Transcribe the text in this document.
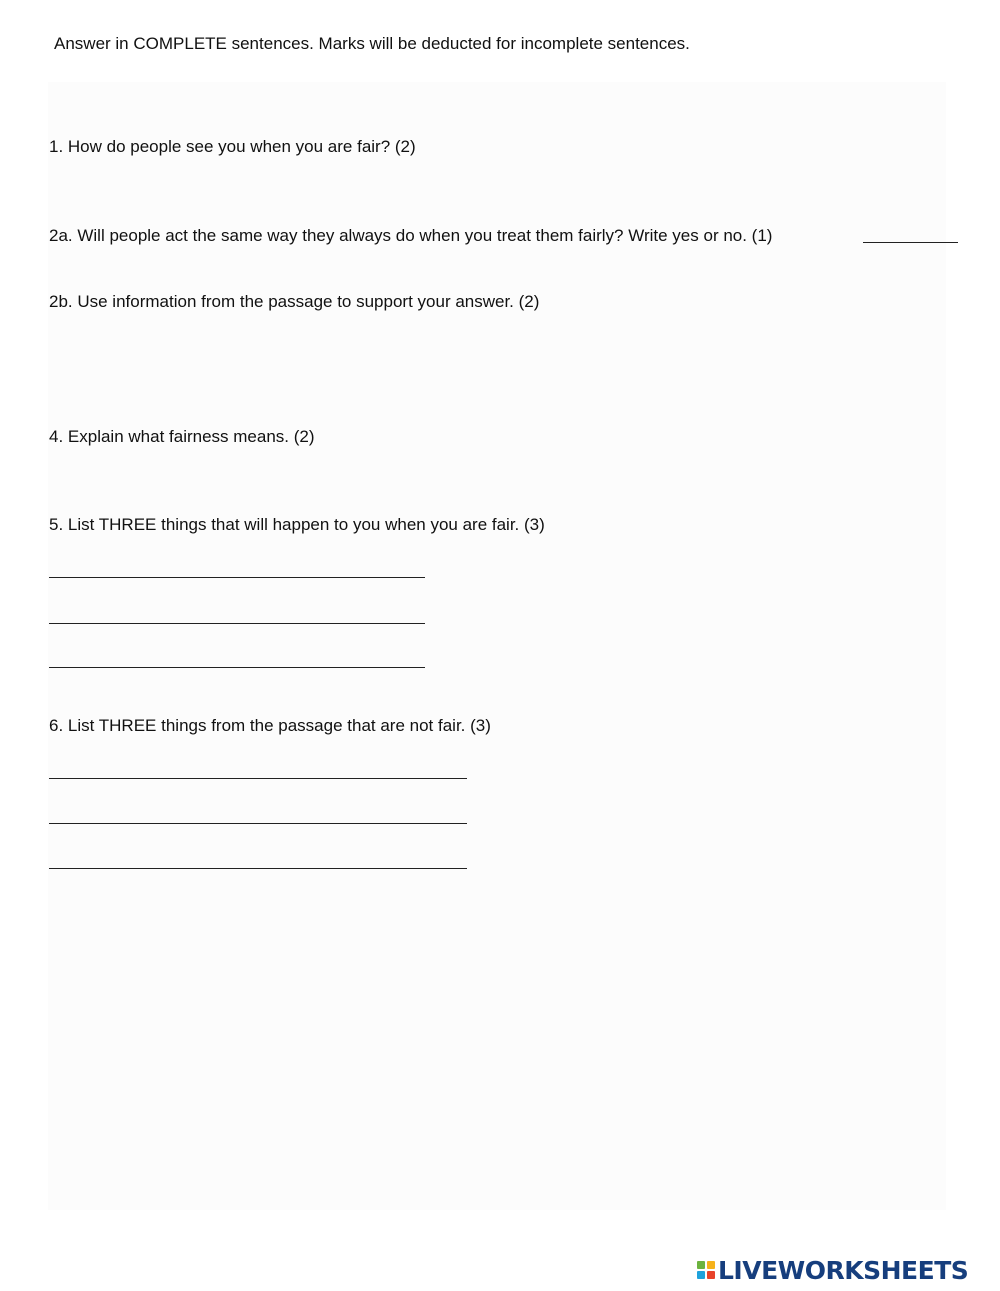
Answer in COMPLETE sentences. Marks will be deducted for incomplete sentences.
1. How do people see you when you are fair? (2)
2a. Will people act the same way they always do when you treat them fairly? Write yes or no. (1)
2b. Use information from the passage to support your answer. (2)
4. Explain what fairness means. (2)
5. List THREE things that will happen to you when you are fair. (3)
6. List THREE things from the passage that are not fair. (3)
LIVEWORKSHEETS
